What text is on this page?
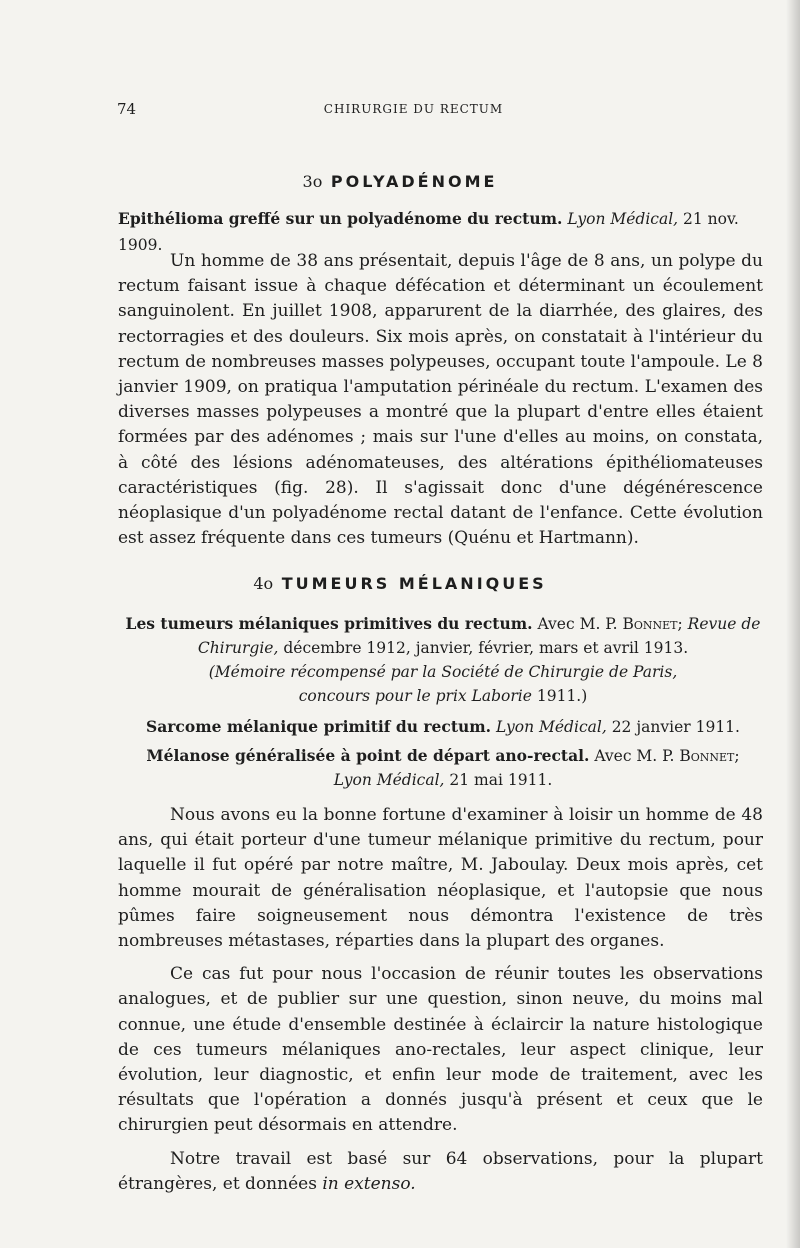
74	CHIRURGIE DU RECTUM
3o POLYADÉNOME
Epithélioma greffé sur un polyadénome du rectum. Lyon Médical, 21 nov. 1909.

Un homme de 38 ans présentait, depuis l'âge de 8 ans, un polype du rectum faisant issue à chaque défécation et déterminant un écoulement sanguinolent. En juillet 1908, apparurent de la diarrhée, des glaires, des rectorragies et des douleurs. Six mois après, on constatait à l'intérieur du rectum de nombreuses masses polypeuses, occupant toute l'ampoule. Le 8 janvier 1909, on pratiqua l'amputation périnéale du rectum. L'examen des diverses masses polypeuses a montré que la plupart d'entre elles étaient formées par des adénomes ; mais sur l'une d'elles au moins, on constata, à côté des lésions adénomateuses, des altérations épithéliomateuses caractéristiques (fig. 28). Il s'agissait donc d'une dégénérescence néoplasique d'un polyadénome rectal datant de l'enfance. Cette évolution est assez fréquente dans ces tumeurs (Quénu et Hartmann).

4o TUMEURS MÉLANIQUES
Les tumeurs mélaniques primitives du rectum. Avec M. P. Bonnet; Revue de Chirurgie, décembre 1912, janvier, février, mars et avril 1913.
(Mémoire récompensé par la Société de Chirurgie de Paris,
concours pour le prix Laborie 1911.)
Sarcome mélanique primitif du rectum. Lyon Médical, 22 janvier 1911.
Mélanose généralisée à point de départ ano-rectal. Avec M. P. Bonnet;
Lyon Médical, 21 mai 1911.

Nous avons eu la bonne fortune d'examiner à loisir un homme de 48 ans, qui était porteur d'une tumeur mélanique primitive du rectum, pour laquelle il fut opéré par notre maître, M. Jaboulay. Deux mois après, cet homme mourait de généralisation néoplasique, et l'autopsie que nous pûmes faire soigneusement nous démontra l'existence de très nombreuses métastases, réparties dans la plupart des organes.

Ce cas fut pour nous l'occasion de réunir toutes les observations analogues, et de publier sur une question, sinon neuve, du moins mal connue, une étude d'ensemble destinée à éclaircir la nature histologique de ces tumeurs mélaniques ano-rectales, leur aspect clinique, leur évolution, leur diagnostic, et enfin leur mode de traitement, avec les résultats que l'opération a donnés jusqu'à présent et ceux que le chirurgien peut désormais en attendre.

Notre travail est basé sur 64 observations, pour la plupart étrangères, et données in extenso.
